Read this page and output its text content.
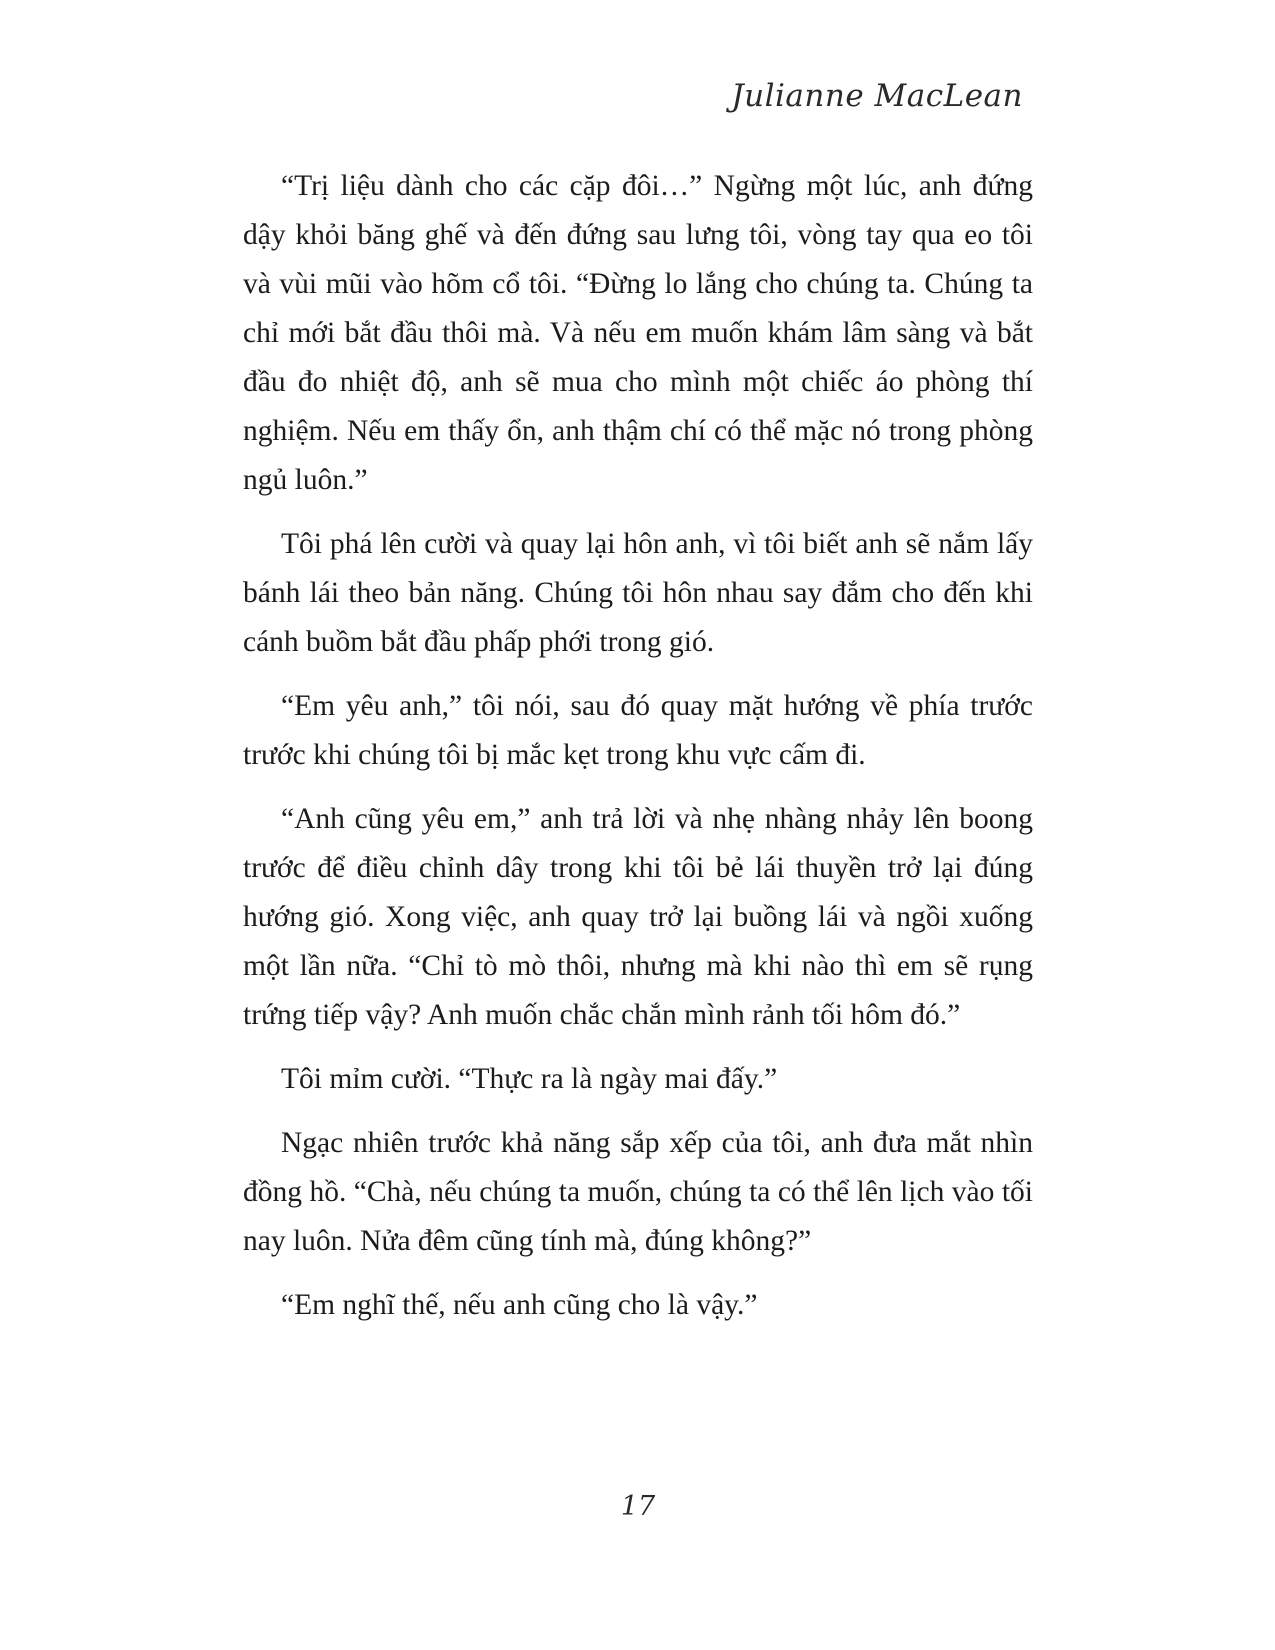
Julianne MacLean

“Trị liệu dành cho các cặp đôi…” Ngừng một lúc, anh đứng dậy khỏi băng ghế và đến đứng sau lưng tôi, vòng tay qua eo tôi và vùi mũi vào hõm cổ tôi. “Đừng lo lắng cho chúng ta. Chúng ta chỉ mới bắt đầu thôi mà. Và nếu em muốn khám lâm sàng và bắt đầu đo nhiệt độ, anh sẽ mua cho mình một chiếc áo phòng thí nghiệm. Nếu em thấy ổn, anh thậm chí có thể mặc nó trong phòng ngủ luôn.”

Tôi phá lên cười và quay lại hôn anh, vì tôi biết anh sẽ nắm lấy bánh lái theo bản năng. Chúng tôi hôn nhau say đắm cho đến khi cánh buồm bắt đầu phấp phới trong gió.

“Em yêu anh,” tôi nói, sau đó quay mặt hướng về phía trước trước khi chúng tôi bị mắc kẹt trong khu vực cấm đi.

“Anh cũng yêu em,” anh trả lời và nhẹ nhàng nhảy lên boong trước để điều chỉnh dây trong khi tôi bẻ lái thuyền trở lại đúng hướng gió. Xong việc, anh quay trở lại buồng lái và ngồi xuống một lần nữa. “Chỉ tò mò thôi, nhưng mà khi nào thì em sẽ rụng trứng tiếp vậy? Anh muốn chắc chắn mình rảnh tối hôm đó.”

Tôi mỉm cười. “Thực ra là ngày mai đấy.”

Ngạc nhiên trước khả năng sắp xếp của tôi, anh đưa mắt nhìn đồng hồ. “Chà, nếu chúng ta muốn, chúng ta có thể lên lịch vào tối nay luôn. Nửa đêm cũng tính mà, đúng không?”

“Em nghĩ thế, nếu anh cũng cho là vậy.”

17
